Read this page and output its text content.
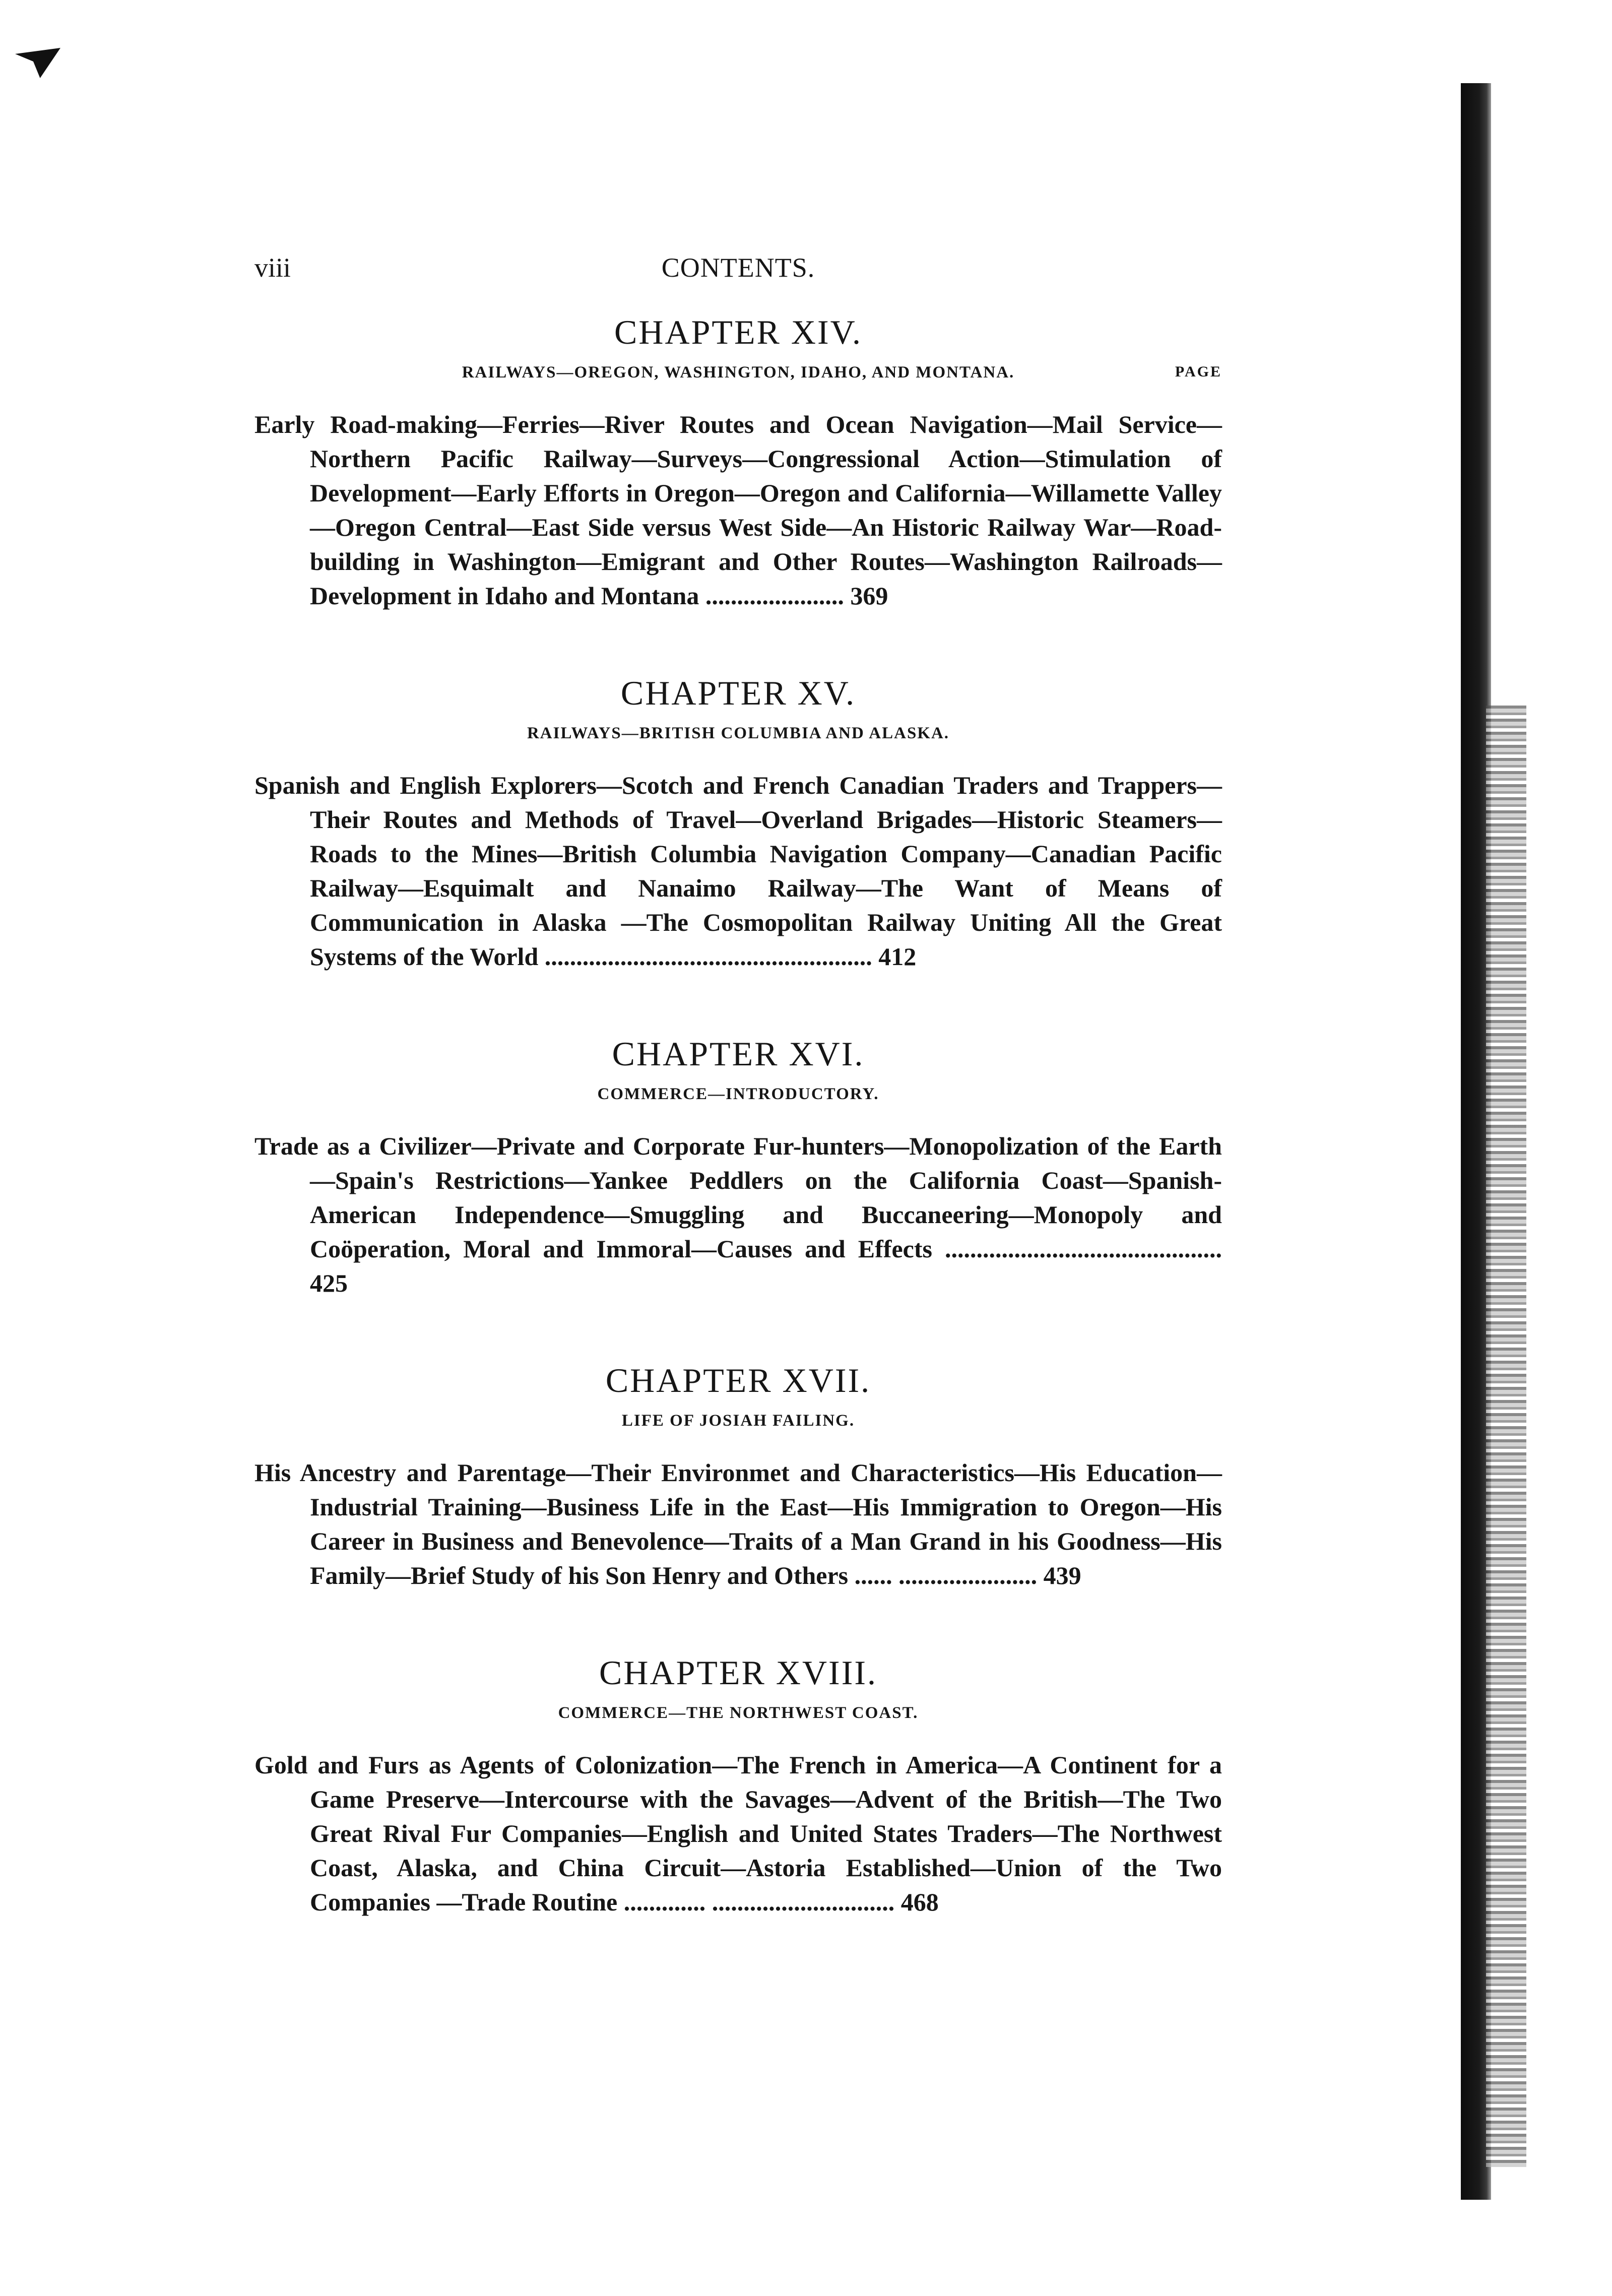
viii	CONTENTS.
CHAPTER XIV.
RAILWAYS—OREGON, WASHINGTON, IDAHO, AND MONTANA.	PAGE

Early Road-making—Ferries—River Routes and Ocean Navigation—Mail Service—Northern Pacific Railway—Surveys—Congressional Action—Stimulation of Development—Early Efforts in Oregon—Oregon and California—Willamette Valley—Oregon Central—East Side versus West Side—An Historic Railway War—Road-building in Washington—Emigrant and Other Routes—Washington Railroads—Development in Idaho and Montana ...................... 369

CHAPTER XV.
RAILWAYS—BRITISH COLUMBIA AND ALASKA.

Spanish and English Explorers—Scotch and French Canadian Traders and Trappers—Their Routes and Methods of Travel—Overland Brigades—Historic Steamers—Roads to the Mines—British Columbia Navigation Company—Canadian Pacific Railway—Esquimalt and Nanaimo Railway—The Want of Means of Communication in Alaska —The Cosmopolitan Railway Uniting All the Great Systems of the World .................................................... 412

CHAPTER XVI.
COMMERCE—INTRODUCTORY.

Trade as a Civilizer—Private and Corporate Fur-hunters—Monopolization of the Earth—Spain's Restrictions—Yankee Peddlers on the California Coast—Spanish-American Independence—Smuggling and Buccaneering—Monopoly and Coöperation, Moral and Immoral—Causes and Effects ............................................ 425

CHAPTER XVII.
LIFE OF JOSIAH FAILING.

His Ancestry and Parentage—Their Environmet and Characteristics—His Education—Industrial Training—Business Life in the East—His Immigration to Oregon—His Career in Business and Benevolence—Traits of a Man Grand in his Goodness—His Family—Brief Study of his Son Henry and Others ...... ...................... 439

CHAPTER XVIII.
COMMERCE—THE NORTHWEST COAST.

Gold and Furs as Agents of Colonization—The French in America—A Continent for a Game Preserve—Intercourse with the Savages—Advent of the British—The Two Great Rival Fur Companies—English and United States Traders—The Northwest Coast, Alaska, and China Circuit—Astoria Established—Union of the Two Companies —Trade Routine ............. ............................. 468
